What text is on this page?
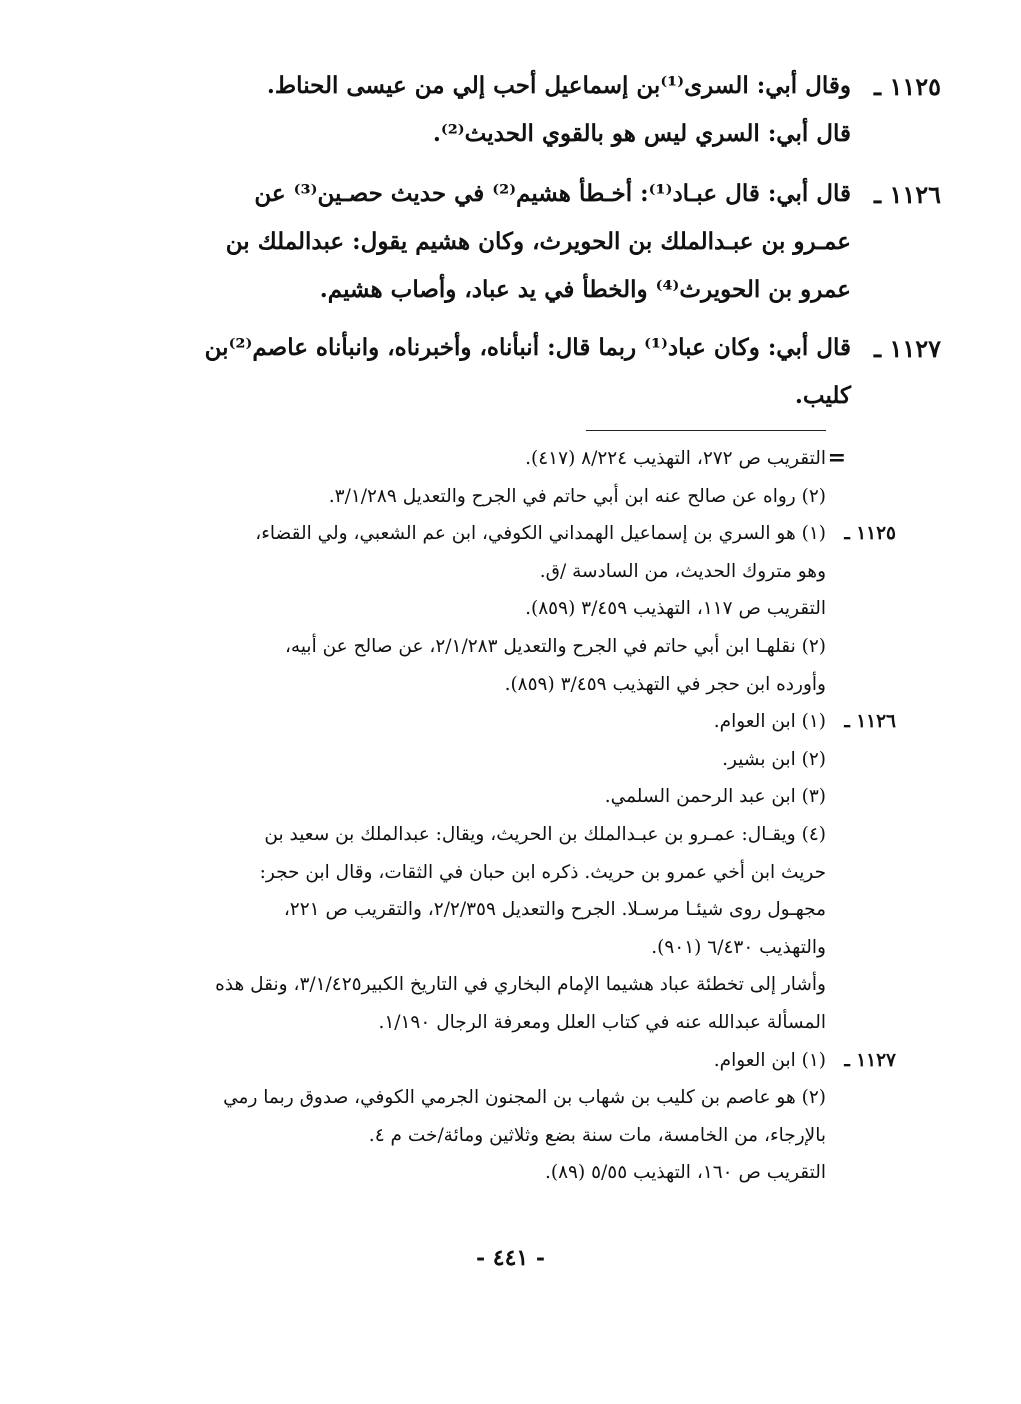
١١٢٥ ـ
وقال أبي: السرى⁽¹⁾بن إسماعيل أحب إلي من عيسى الحناط.
قال أبي: السري ليس هو بالقوي الحديث⁽²⁾.
١١٢٦ ـ
قال أبي: قال عبـاد⁽¹⁾: أخـطأ هشيم⁽²⁾ في حديث حصـين⁽³⁾ عن
عمـرو بن عبـدالملك بن الحويرث، وكان هشيم يقول: عبدالملك بن
عمرو بن الحويرث⁽⁴⁾ والخطأ في يد عباد، وأصاب هشيم.
١١٢٧ ـ
قال أبي: وكان عباد⁽¹⁾ ربما قال: أنبأناه، وأخبرناه، وانبأناه عاصم⁽²⁾بن
كليب.
=
التقريب ص ٢٧٢، التهذيب ٨/٢٢٤ (٤١٧).
(٢) رواه عن صالح عنه ابن أبي حاتم في الجرح والتعديل ٣/١/٢٨٩.
١١٢٥ ـ
(١) هو السري بن إسماعيل الهمداني الكوفي، ابن عم الشعبي، ولي القضاء،
وهو متروك الحديث، من السادسة /ق.
التقريب ص ١١٧، التهذيب ٣/٤٥٩ (٨٥٩).
(٢) نقلهـا ابن أبي حاتم في الجرح والتعديل ٢/١/٢٨٣، عن صالح عن أبيه،
وأورده ابن حجر في التهذيب ٣/٤٥٩ (٨٥٩).
١١٢٦ ـ
(١) ابن العوام.
(٢) ابن بشير.
(٣) ابن عبد الرحمن السلمي.
(٤) ويقـال: عمـرو بن عبـدالملك بن الحريث، ويقال: عبدالملك بن سعيد بن
حريث ابن أخي عمرو بن حريث. ذكره ابن حبان في الثقات، وقال ابن حجر:
مجهـول روى شيئـا مرسـلا. الجرح والتعديل ٢/٢/٣٥٩، والتقريب ص ٢٢١،
والتهذيب ٦/٤٣٠ (٩٠١).
وأشار إلى تخطئة عباد هشيما الإمام البخاري في التاريخ الكبير٣/١/٤٢٥، ونقل هذه
المسألة عبدالله عنه في كتاب العلل ومعرفة الرجال ١/١٩٠.
١١٢٧ ـ
(١) ابن العوام.
(٢) هو عاصم بن كليب بن شهاب بن المجنون الجرمي الكوفي، صدوق ربما رمي
بالإرجاء، من الخامسة، مات سنة بضع وثلاثين ومائة/خت م ٤.
التقريب ص ١٦٠، التهذيب ٥/٥٥ (٨٩).
- ٤٤١ -
